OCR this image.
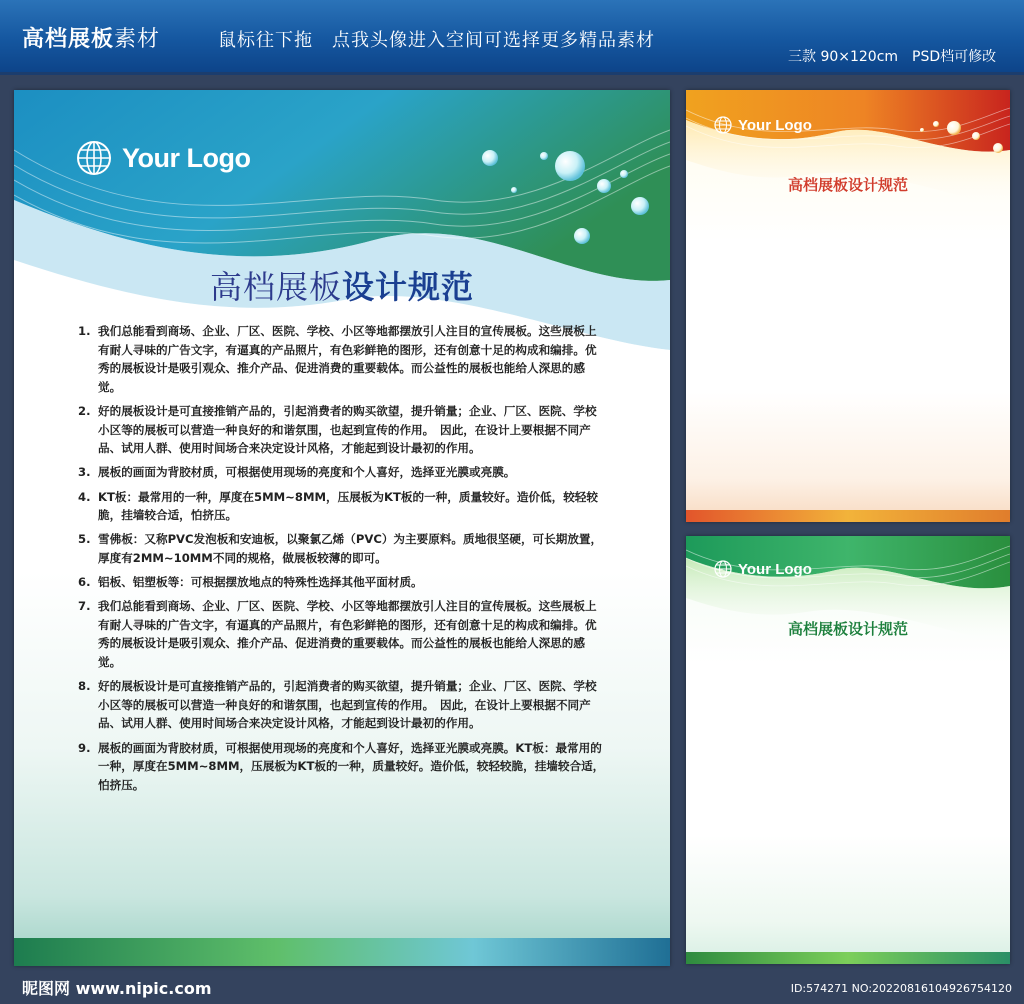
高档展板素材	鼠标往下拖　点我头像进入空间可选择更多精品素材
三款 90×120cm　PSD档可修改
Your Logo
高档展板设计规范
1. 我们总能看到商场、企业、厂区、医院、学校、小区等地都摆放引人注目的宣传展板。这些展板上有耐人寻味的广告文字，有逼真的产品照片，有色彩鲜艳的图形，还有创意十足的构成和编排。优秀的展板设计是吸引观众、推介产品、促进消费的重要载体。而公益性的展板也能给人深思的感觉。
2. 好的展板设计是可直接推销产品的，引起消费者的购买欲望，提升销量；企业、厂区、医院、学校小区等的展板可以营造一种良好的和谐氛围，也起到宣传的作用。　因此，在设计上要根据不同产品、试用人群、使用时间场合来决定设计风格，才能起到设计最初的作用。
3. 展板的画面为背胶材质，可根据使用现场的亮度和个人喜好，选择亚光膜或亮膜。
4. KT板：最常用的一种，厚度在5MM~8MM，压展板为KT板的一种，质量较好。造价低，较轻较脆，挂墙较合适，怕挤压。
5. 雪佛板：又称PVC发泡板和安迪板，以聚氯乙烯（PVC）为主要原料。质地很坚硬，可长期放置，厚度有2MM~10MM不同的规格，做展板较薄的即可。
6. 铝板、铝塑板等：可根据摆放地点的特殊性选择其他平面材质。
7. 我们总能看到商场、企业、厂区、医院、学校、小区等地都摆放引人注目的宣传展板。这些展板上有耐人寻味的广告文字，有逼真的产品照片，有色彩鲜艳的图形，还有创意十足的构成和编排。优秀的展板设计是吸引观众、推介产品、促进消费的重要载体。而公益性的展板也能给人深思的感觉。
8. 好的展板设计是可直接推销产品的，引起消费者的购买欲望，提升销量；企业、厂区、医院、学校小区等的展板可以营造一种良好的和谐氛围，也起到宣传的作用。　因此，在设计上要根据不同产品、试用人群、使用时间场合来决定设计风格，才能起到设计最初的作用。
9. 展板的画面为背胶材质，可根据使用现场的亮度和个人喜好，选择亚光膜或亮膜。KT板：最常用的一种，厚度在5MM~8MM，压展板为KT板的一种，质量较好。造价低，较轻较脆，挂墙较合适，怕挤压。
Your Logo
高档展板设计规范
Your Logo
高档展板设计规范
昵图网 www.nipic.com	ID:574271 NO:20220816104926754120
